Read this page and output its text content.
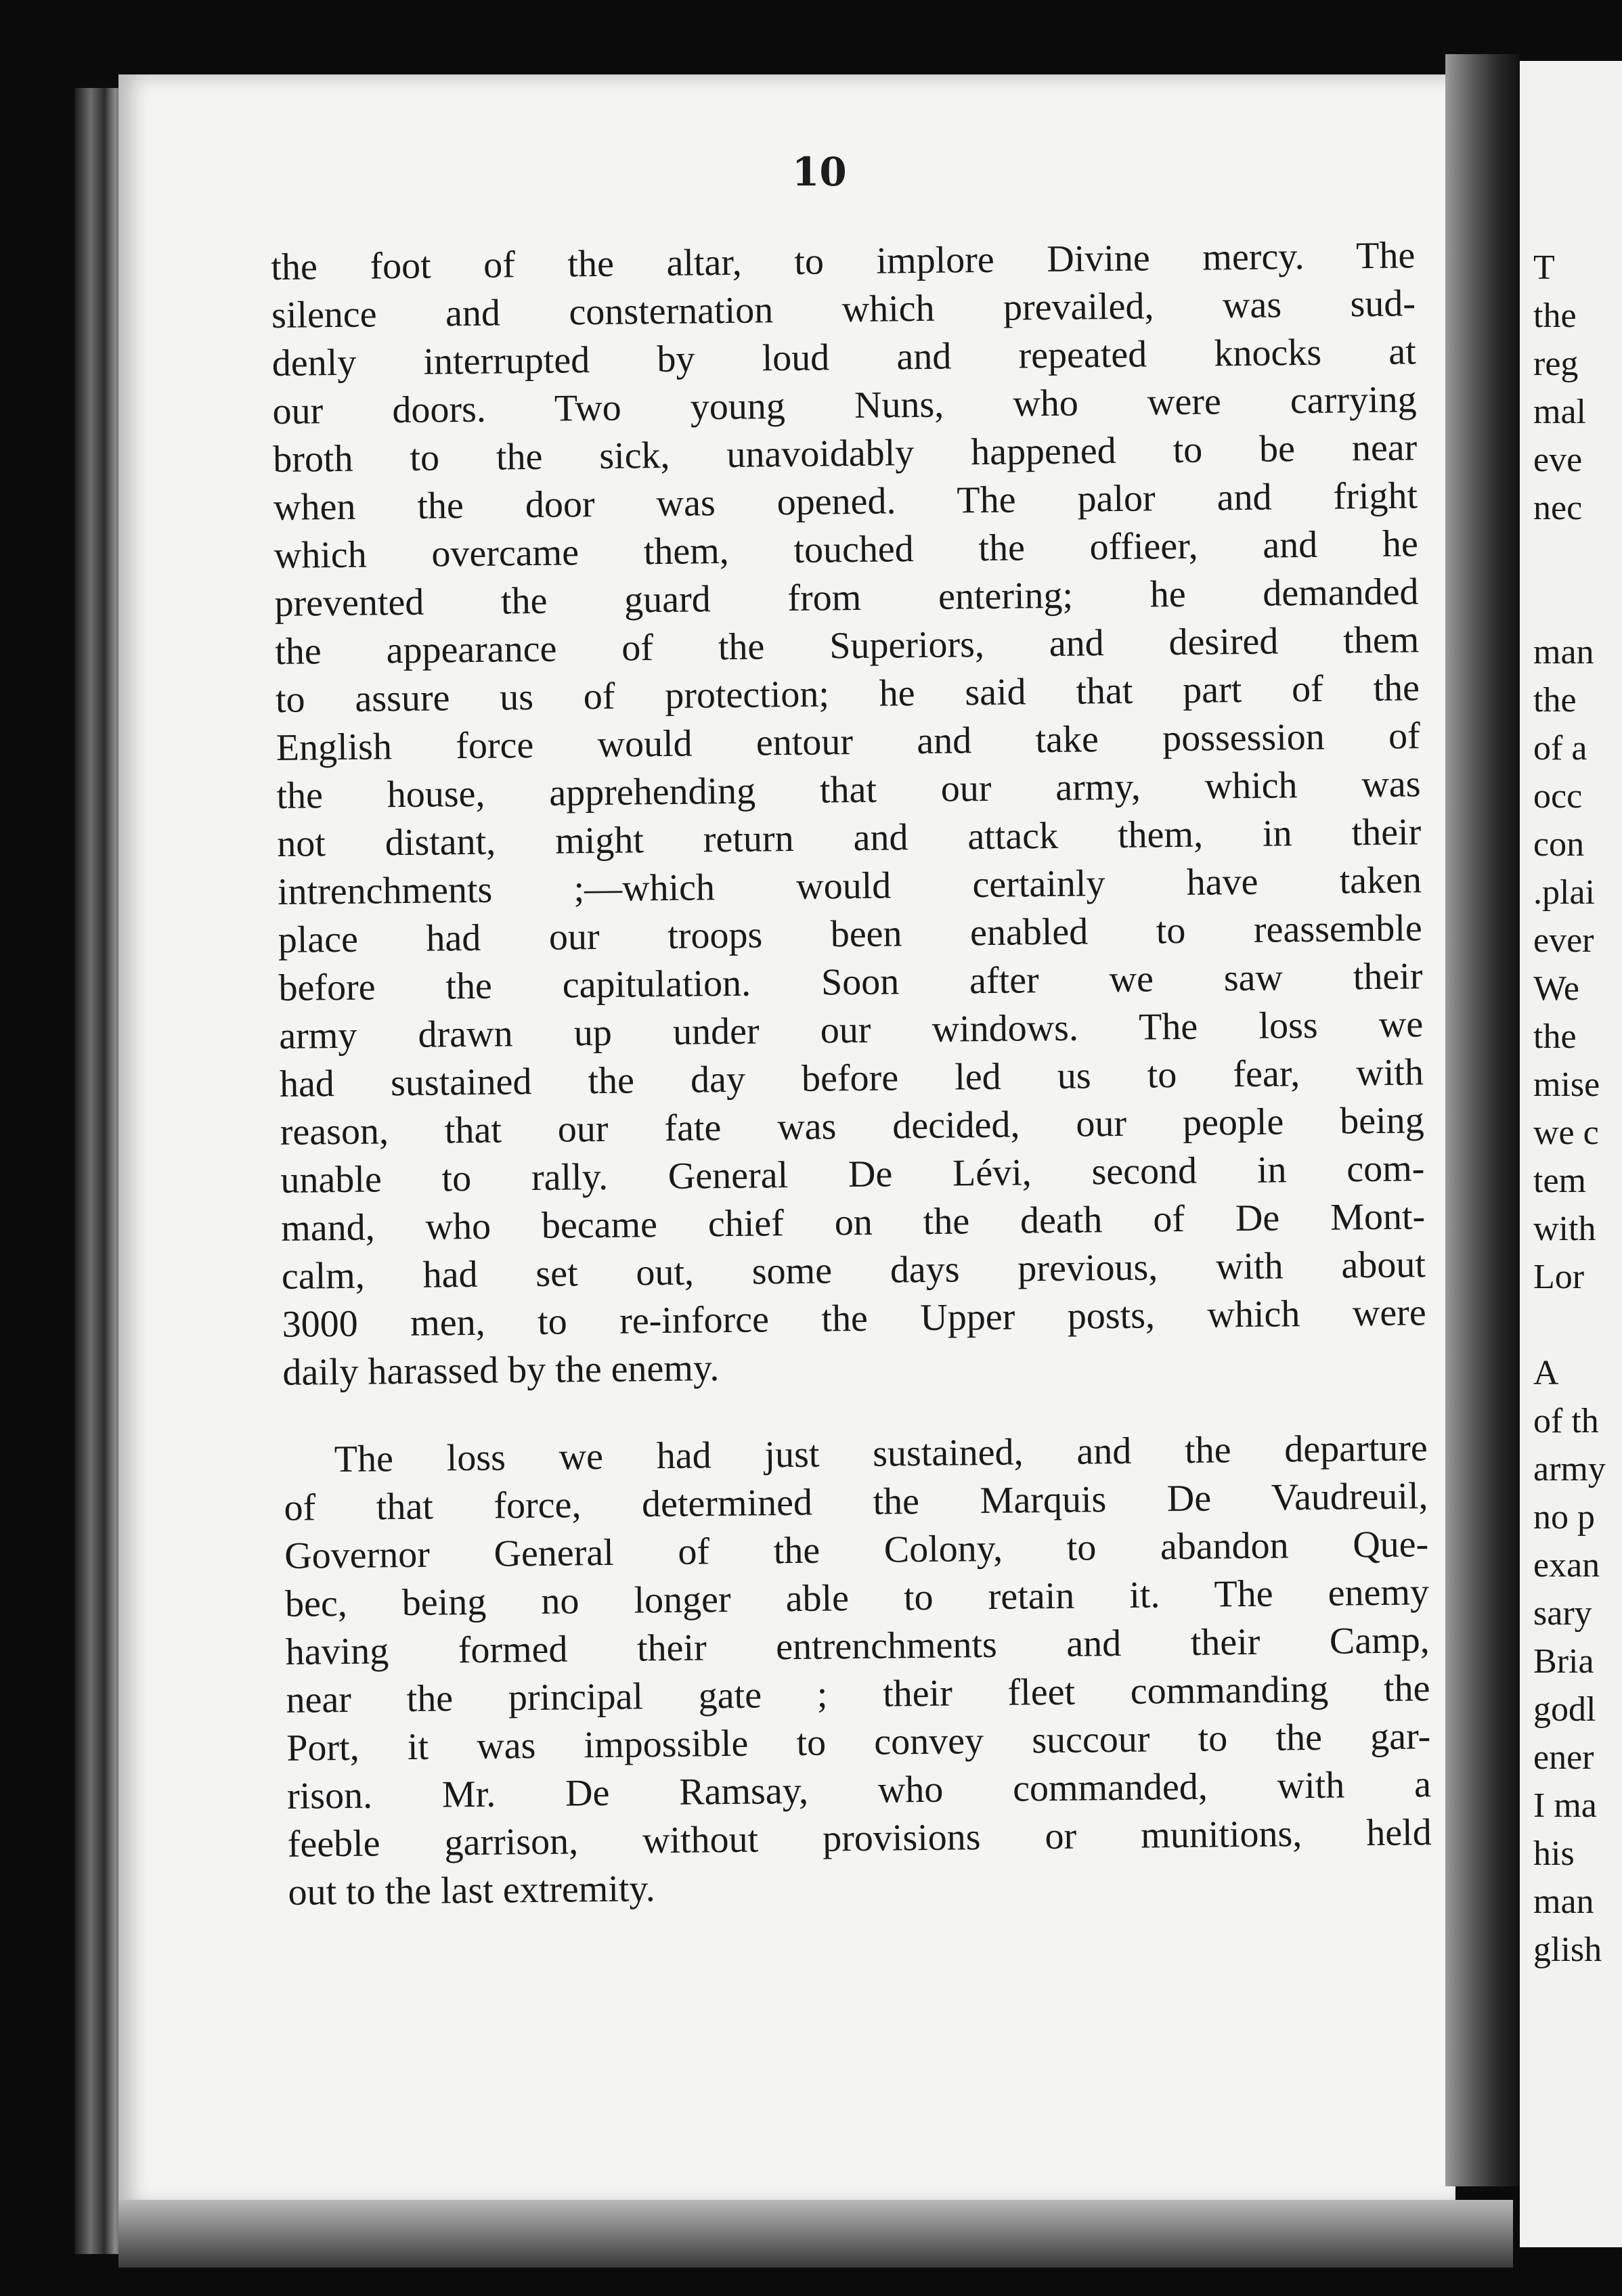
10

the foot of the altar, to implore Divine mercy. The
silence and consternation which prevailed, was sud-
denly interrupted by loud and repeated knocks at
our doors. Two young Nuns, who were carrying
broth to the sick, unavoidably happened to be near
when the door was opened. The palor and fright
which overcame them, touched the offieer, and he
prevented the guard from entering; he demanded
the appearance of the Superiors, and desired them
to assure us of protection; he said that part of the
English force would entour and take possession of
the house, apprehending that our army, which was
not distant, might return and attack them, in their
intrenchments ;—which would certainly have taken
place had our troops been enabled to reassemble
before the capitulation. Soon after we saw their
army drawn up under our windows. The loss we
had sustained the day before led us to fear, with
reason, that our fate was decided, our people being
unable to rally. General De Lévi, second in com-
mand, who became chief on the death of De Mont-
calm, had set out, some days previous, with about
3000 men, to re-inforce the Upper posts, which were
daily harassed by the enemy.

The loss we had just sustained, and the departure
of that force, determined the Marquis De Vaudreuil,
Governor General of the Colony, to abandon Que-
bec, being no longer able to retain it. The enemy
having formed their entrenchments and their Camp,
near the principal gate ; their fleet commanding the
Port, it was impossible to convey succour to the gar-
rison. Mr. De Ramsay, who commanded, with a
feeble garrison, without provisions or munitions, held
out to the last extremity.

T
the
reg
mal
eve
nec
man
the
of a
occ
con
.plai
ever
We
the
mise
we c
tem
with
Lor
A
of th
army
no p
exan
sary
Bria
godl
ener
I ma
his
man
glish
